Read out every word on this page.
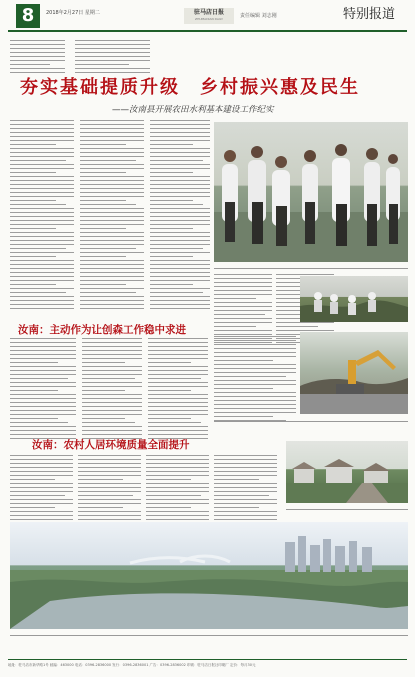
8	2018年2月27日 星期二	驻马店日报
ZHUMADIAN DAILY	责任编辑 刘志刚	特别报道
夯实基础提质升级　乡村振兴惠及民生
——汝南县开展农田水利基本建设工作纪实
汝南：主动作为让创森工作稳中求进
汝南：农村人居环境质量全面提升
地址：驻马店市新华路1号 邮编：463000 电话：0396-2836000 发行：0396-2836001 广告：0396-2836002 印刷：驻马店日报社印刷厂 定价：每月30元
